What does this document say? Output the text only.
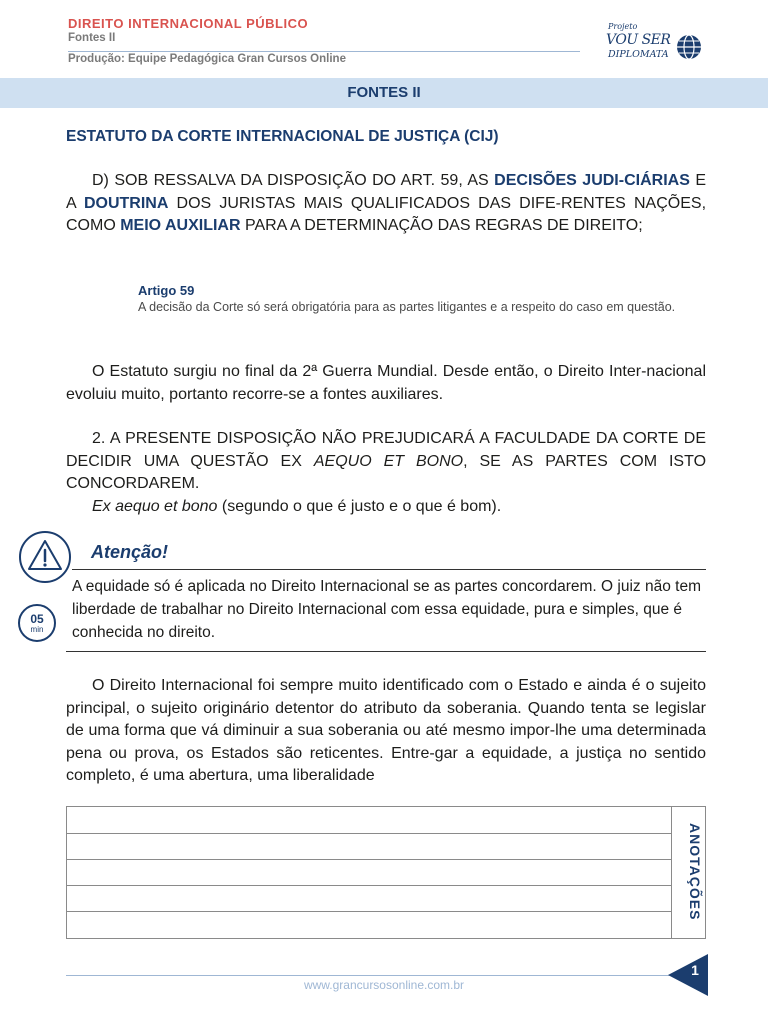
DIREITO INTERNACIONAL PÚBLICO
Fontes II
Produção: Equipe Pedagógica Gran Cursos Online
Projeto
VOU SER
DIPLOMATA
FONTES II
ESTATUTO DA CORTE INTERNACIONAL DE JUSTIÇA (CIJ)

D) SOB RESSALVA DA DISPOSIÇÃO DO ART. 59, AS DECISÕES JUDI-CIÁRIAS E A DOUTRINA DOS JURISTAS MAIS QUALIFICADOS DAS DIFE-RENTES NAÇÕES, COMO MEIO AUXILIAR PARA A DETERMINAÇÃO DAS REGRAS DE DIREITO;

Artigo 59

A decisão da Corte só será obrigatória para as partes litigantes e a respeito do caso em questão.

O Estatuto surgiu no final da 2ª Guerra Mundial. Desde então, o Direito Inter-nacional evoluiu muito, portanto recorre-se a fontes auxiliares.

2. A PRESENTE DISPOSIÇÃO NÃO PREJUDICARÁ A FACULDADE DA CORTE DE DECIDIR UMA QUESTÃO EX AEQUO ET BONO, SE AS PARTES COM ISTO CONCORDAREM.
Ex aequo et bono (segundo o que é justo e o que é bom).

Atenção!

A equidade só é aplicada no Direito Internacional se as partes concordarem. O juiz não tem liberdade de trabalhar no Direito Internacional com essa equidade, pura e simples, que é conhecida no direito.

05
min

O Direito Internacional foi sempre muito identificado com o Estado e ainda é o sujeito principal, o sujeito originário detentor do atributo da soberania. Quando tenta se legislar de uma forma que vá diminuir a sua soberania ou até mesmo impor-lhe uma determinada pena ou prova, os Estados são reticentes. Entre-gar a equidade, a justiça no sentido completo, é uma abertura, uma liberalidade

ANOTAÇÕES
www.grancursosonline.com.br
1
